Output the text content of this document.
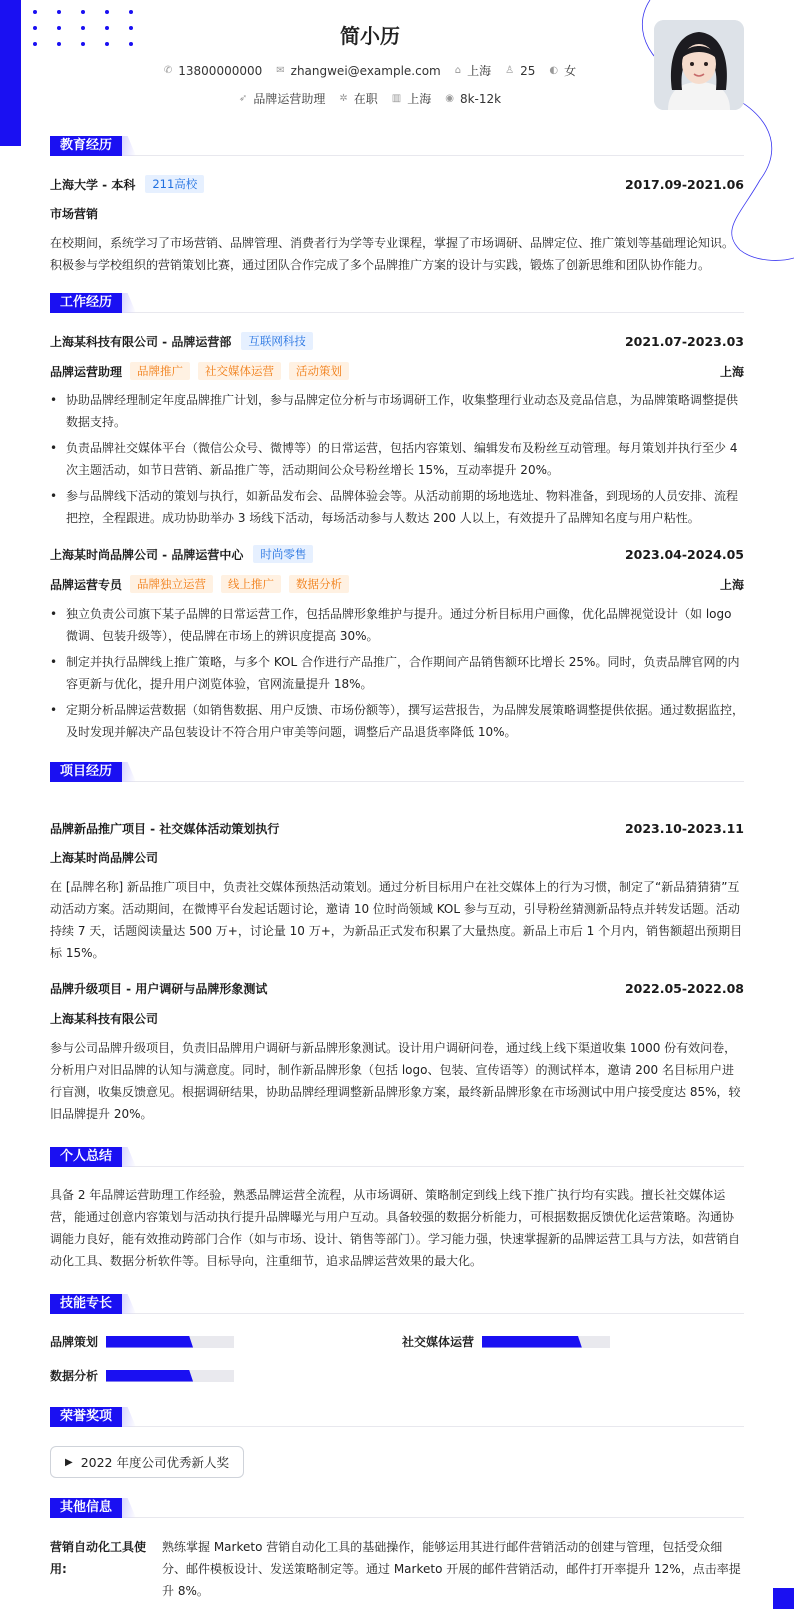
简小历
✆ 13800000000 ✉ zhangwei@example.com ⌂ 上海 ♙ 25 ◐ 女
➶ 品牌运营助理 ✲ 在职 ▥ 上海 ◉ 8k-12k
教育经历
上海大学 - 本科	211高校	2017.09-2021.06
市场营销
在校期间，系统学习了市场营销、品牌管理、消费者行为学等专业课程，掌握了市场调研、品牌定位、推广策划等基础理论知识。积极参与学校组织的营销策划比赛，通过团队合作完成了多个品牌推广方案的设计与实践，锻炼了创新思维和团队协作能力。
工作经历
上海某科技有限公司 - 品牌运营部	互联网科技	2021.07-2023.03
品牌运营助理	品牌推广	社交媒体运营	活动策划	上海
• 协助品牌经理制定年度品牌推广计划，参与品牌定位分析与市场调研工作，收集整理行业动态及竞品信息，为品牌策略调整提供数据支持。
• 负责品牌社交媒体平台（微信公众号、微博等）的日常运营，包括内容策划、编辑发布及粉丝互动管理。每月策划并执行至少 4 次主题活动，如节日营销、新品推广等，活动期间公众号粉丝增长 15%，互动率提升 20%。
• 参与品牌线下活动的策划与执行，如新品发布会、品牌体验会等。从活动前期的场地选址、物料准备，到现场的人员安排、流程把控，全程跟进。成功协助举办 3 场线下活动，每场活动参与人数达 200 人以上，有效提升了品牌知名度与用户粘性。
上海某时尚品牌公司 - 品牌运营中心	时尚零售	2023.04-2024.05
品牌运营专员	品牌独立运营	线上推广	数据分析	上海
• 独立负责公司旗下某子品牌的日常运营工作，包括品牌形象维护与提升。通过分析目标用户画像，优化品牌视觉设计（如 logo 微调、包装升级等），使品牌在市场上的辨识度提高 30%。
• 制定并执行品牌线上推广策略，与多个 KOL 合作进行产品推广，合作期间产品销售额环比增长 25%。同时，负责品牌官网的内容更新与优化，提升用户浏览体验，官网流量提升 18%。
• 定期分析品牌运营数据（如销售数据、用户反馈、市场份额等），撰写运营报告，为品牌发展策略调整提供依据。通过数据监控，及时发现并解决产品包装设计不符合用户审美等问题，调整后产品退货率降低 10%。
项目经历
品牌新品推广项目 - 社交媒体活动策划执行	2023.10-2023.11
上海某时尚品牌公司
在 [品牌名称] 新品推广项目中，负责社交媒体预热活动策划。通过分析目标用户在社交媒体上的行为习惯，制定了“新品猜猜猜”互动活动方案。活动期间，在微博平台发起话题讨论，邀请 10 位时尚领域 KOL 参与互动，引导粉丝猜测新品特点并转发话题。活动持续 7 天，话题阅读量达 500 万+，讨论量 10 万+，为新品正式发布积累了大量热度。新品上市后 1 个月内，销售额超出预期目标 15%。
品牌升级项目 - 用户调研与品牌形象测试	2022.05-2022.08
上海某科技有限公司
参与公司品牌升级项目，负责旧品牌用户调研与新品牌形象测试。设计用户调研问卷，通过线上线下渠道收集 1000 份有效问卷，分析用户对旧品牌的认知与满意度。同时，制作新品牌形象（包括 logo、包装、宣传语等）的测试样本，邀请 200 名目标用户进行盲测，收集反馈意见。根据调研结果，协助品牌经理调整新品牌形象方案，最终新品牌形象在市场测试中用户接受度达 85%，较旧品牌提升 20%。
个人总结
具备 2 年品牌运营助理工作经验，熟悉品牌运营全流程，从市场调研、策略制定到线上线下推广执行均有实践。擅长社交媒体运营，能通过创意内容策划与活动执行提升品牌曝光与用户互动。具备较强的数据分析能力，可根据数据反馈优化运营策略。沟通协调能力良好，能有效推动跨部门合作（如与市场、设计、销售等部门）。学习能力强，快速掌握新的品牌运营工具与方法，如营销自动化工具、数据分析软件等。目标导向，注重细节，追求品牌运营效果的最大化。
技能专长
品牌策划	社交媒体运营
数据分析
荣誉奖项
▶ 2022 年度公司优秀新人奖
其他信息
营销自动化工具使用:
熟练掌握 Marketo 营销自动化工具的基础操作，能够运用其进行邮件营销活动的创建与管理，包括受众细分、邮件模板设计、发送策略制定等。通过 Marketo 开展的邮件营销活动，邮件打开率提升 12%，点击率提升 8%。
